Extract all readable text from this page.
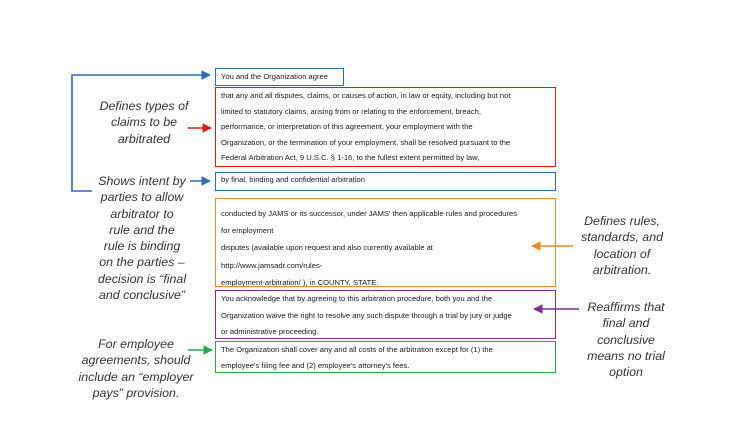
You and the Organization agree
that any and all disputes, claims, or causes of action, in law or equity, including but not
limited to statutory claims, arising from or relating to the enforcement, breach,
performance, or interpretation of this agreement, your employment with the
Organization, or the termination of your employment, shall be resolved pursuant to the
Federal Arbitration Act, 9 U.S.C. § 1-16, to the fullest extent permitted by law,
by final, binding and confidential arbitration
conducted by JAMS or its successor, under JAMS' then applicable rules and procedures
for employment
disputes (available upon request and also currently available at
http://www.jamsadr.com/rules-
employment-arbitration/ ), in COUNTY, STATE.
You acknowledge that by agreeing to this arbitration procedure, both you and the
Organization waive the right to resolve any such dispute through a trial by jury or judge
or administrative proceeding.
The Organization shall cover any and all costs of the arbitration except for (1) the
employee's filing fee and (2) employee's attorney's fees.
Defines types of
claims to be
arbitrated
Shows intent by
parties to allow
arbitrator to
rule and the
rule is binding
on the parties –
decision is “final
and conclusive”
For employee
agreements, should
include an “employer
pays” provision.
Defines rules,
standards, and
location of
arbitration.
Reaffirms that
final and
conclusive
means no trial
option
